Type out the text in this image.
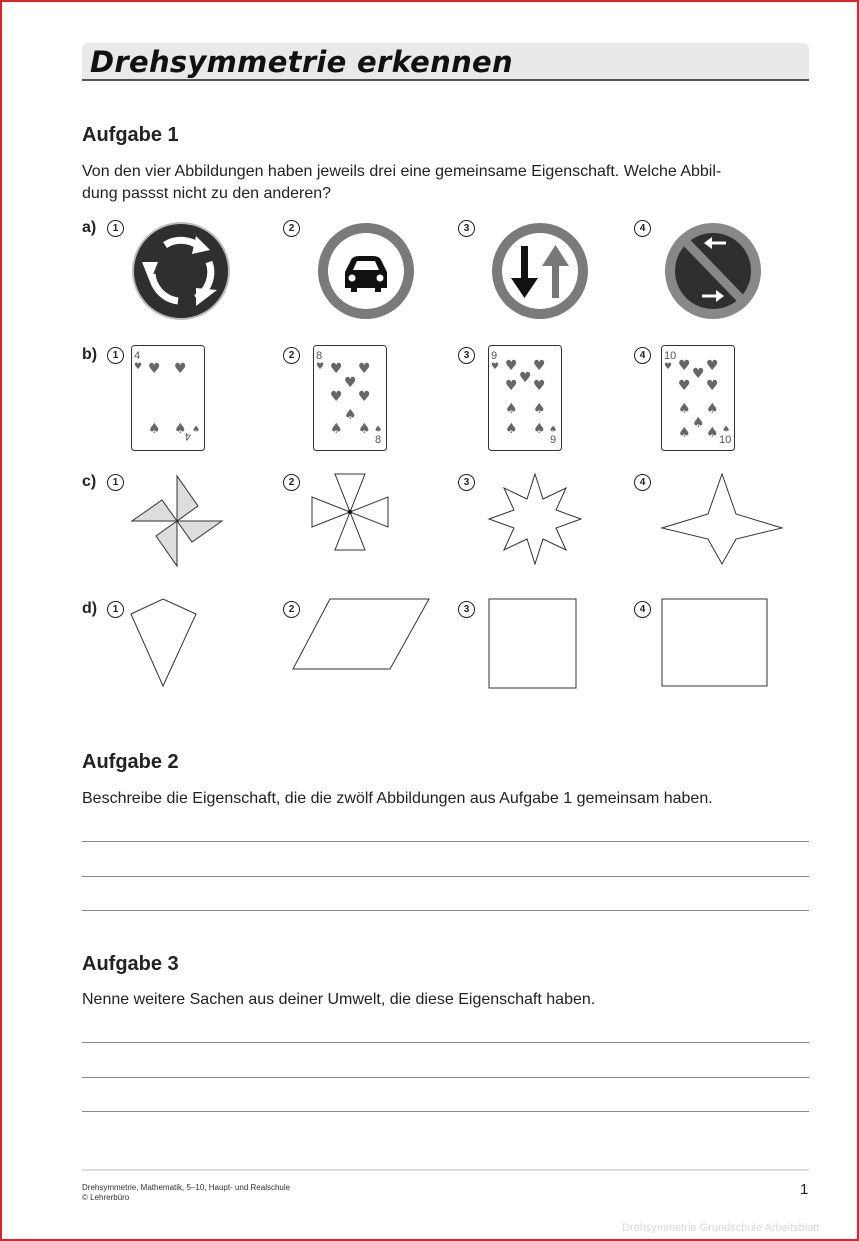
Drehsymmetrie erkennen
Aufgabe 1
Von den vier Abbildungen haben jeweils drei eine gemeinsame Eigenschaft. Welche Abbil-
dung passst nicht zu den anderen?
a)
b)
c)
d)
1	2	3	4
1	2	3	4
1	2	3	4
1	2	3	4
4
4
♥ ♥
♠ ♠
♥
♠
8
8
♥ ♥
♥
♥ ♥
♠
♠ ♠
♥
♠
9
9
♥ ♥
♥
♥ ♥
♠ ♠
♠ ♠
♥
♠
10
10
♥ ♥
♥
♥ ♥
♠ ♠
♠
♠ ♠
♥
♠
Aufgabe 2
Beschreibe die Eigenschaft, die die zwölf Abbildungen aus Aufgabe 1 gemeinsam haben.
Aufgabe 3
Nenne weitere Sachen aus deiner Umwelt, die diese Eigenschaft haben.
Drehsymmetrie, Mathematik, 5–10, Haupt- und Realschule
© Lehrerbüro	1
Drehsymmetrie Grundschule Arbeitsblatt
